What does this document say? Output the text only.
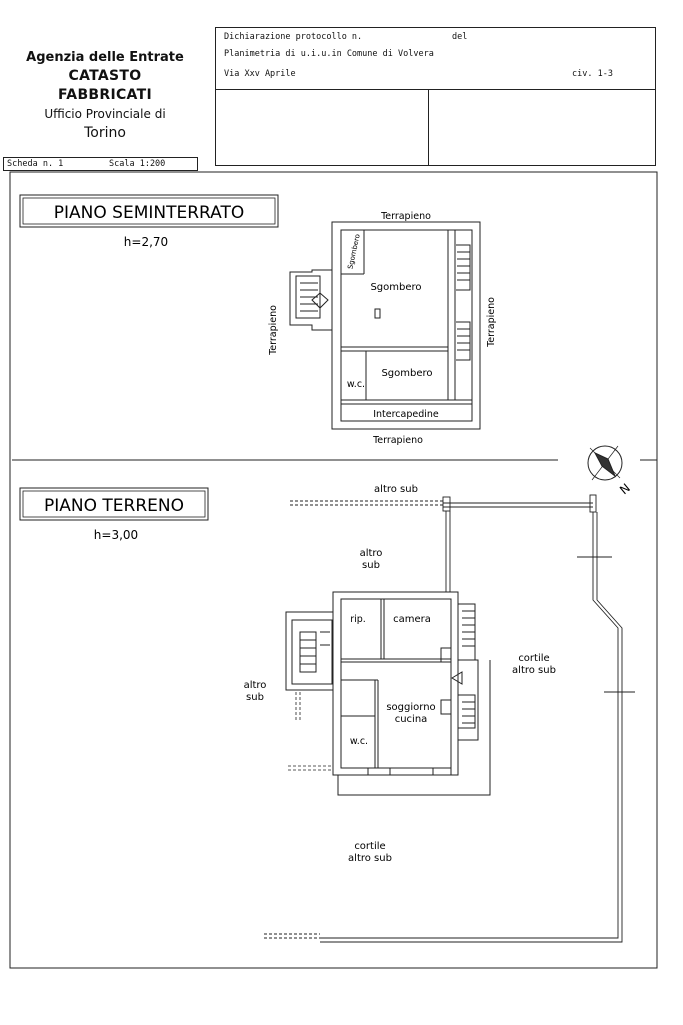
Agenzia delle Entrate
CATASTO FABBRICATI
Ufficio Provinciale di
Torino
Dichiarazione protocollo n.	del
Planimetria di u.i.u.in Comune di Volvera
Via Xxv Aprile	civ. 1-3
Scheda n. 1	Scala 1:200
PIANO SEMINTERRATO
h=2,70
Terrapieno
Terrapieno
Terrapieno	Terrapieno
Sgombero
Sgombero
Sgombero
w.c.
Intercapedine
N
PIANO TERRENO
h=3,00
altro sub
altro
sub
altro
sub
rip.	camera
soggiorno
cucina
w.c.
cortile
altro sub
cortile
altro sub
